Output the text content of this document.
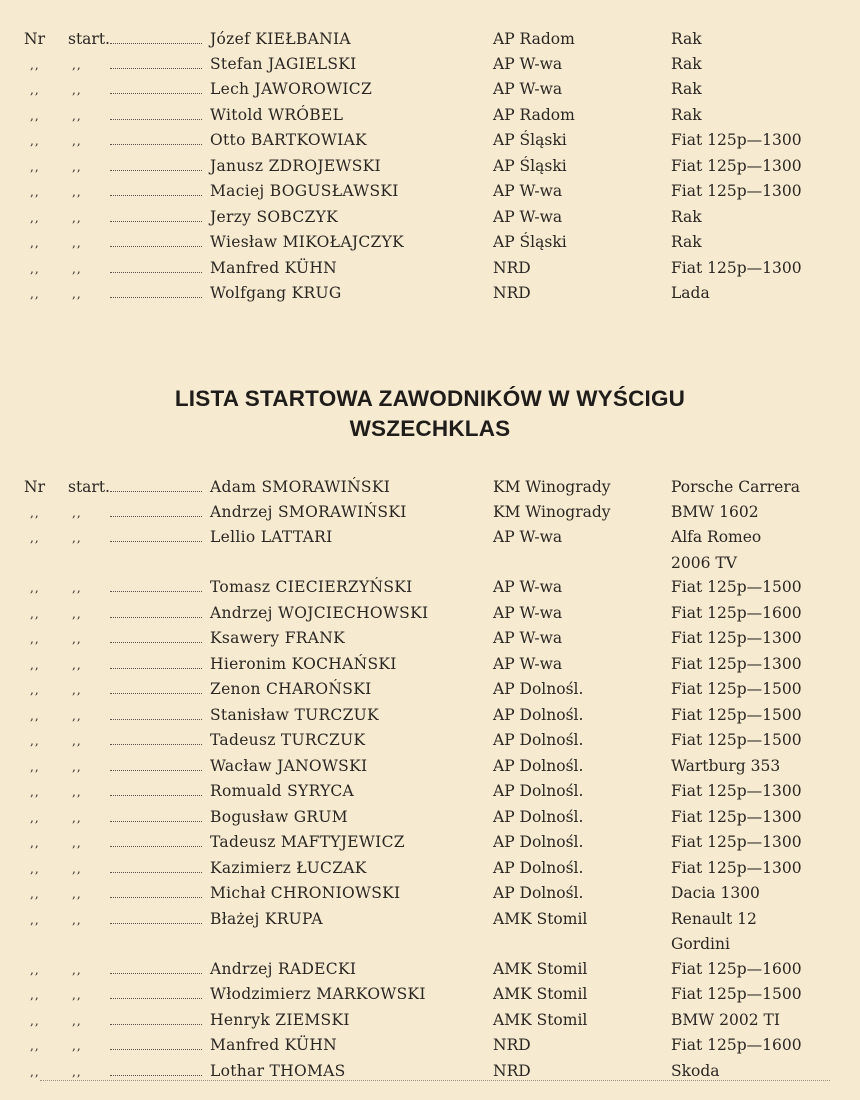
Nr	start.		Józef KIEŁBANIA	AP Radom	Rak
,,	,,		Stefan JAGIELSKI	AP W-wa	Rak
,,	,,		Lech JAWOROWICZ	AP W-wa	Rak
,,	,,		Witold WRÓBEL	AP Radom	Rak
,,	,,		Otto BARTKOWIAK	AP Śląski	Fiat 125p—1300
,,	,,		Janusz ZDROJEWSKI	AP Śląski	Fiat 125p—1300
,,	,,		Maciej BOGUSŁAWSKI	AP W-wa	Fiat 125p—1300
,,	,,		Jerzy SOBCZYK	AP W-wa	Rak
,,	,,		Wiesław MIKOŁAJCZYK	AP Śląski	Rak
,,	,,		Manfred KÜHN	NRD	Fiat 125p—1300
,,	,,		Wolfgang KRUG	NRD	Lada
LISTA STARTOWA ZAWODNIKÓW W WYŚCIGU
WSZECHKLAS
Nr	start.		Adam SMORAWIŃSKI	KM Winogrady	Porsche Carrera
,,	,,		Andrzej SMORAWIŃSKI	KM Winogrady	BMW 1602
,,	,,		Lellio LATTARI	AP W-wa	Alfa Romeo
					2006 TV
,,	,,		Tomasz CIECIERZYŃSKI	AP W-wa	Fiat 125p—1500
,,	,,		Andrzej WOJCIECHOWSKI	AP W-wa	Fiat 125p—1600
,,	,,		Ksawery FRANK	AP W-wa	Fiat 125p—1300
,,	,,		Hieronim KOCHAŃSKI	AP W-wa	Fiat 125p—1300
,,	,,		Zenon CHAROŃSKI	AP Dolnośl.	Fiat 125p—1500
,,	,,		Stanisław TURCZUK	AP Dolnośl.	Fiat 125p—1500
,,	,,		Tadeusz TURCZUK	AP Dolnośl.	Fiat 125p—1500
,,	,,		Wacław JANOWSKI	AP Dolnośl.	Wartburg 353
,,	,,		Romuald SYRYCA	AP Dolnośl.	Fiat 125p—1300
,,	,,		Bogusław GRUM	AP Dolnośl.	Fiat 125p—1300
,,	,,		Tadeusz MAFTYJEWICZ	AP Dolnośl.	Fiat 125p—1300
,,	,,		Kazimierz ŁUCZAK	AP Dolnośl.	Fiat 125p—1300
,,	,,		Michał CHRONIOWSKI	AP Dolnośl.	Dacia 1300
,,	,,		Błażej KRUPA	AMK Stomil	Renault 12
					Gordini
,,	,,		Andrzej RADECKI	AMK Stomil	Fiat 125p—1600
,,	,,		Włodzimierz MARKOWSKI	AMK Stomil	Fiat 125p—1500
,,	,,		Henryk ZIEMSKI	AMK Stomil	BMW 2002 TI
,,	,,		Manfred KÜHN	NRD	Fiat 125p—1600
,,	,,		Lothar THOMAS	NRD	Skoda
